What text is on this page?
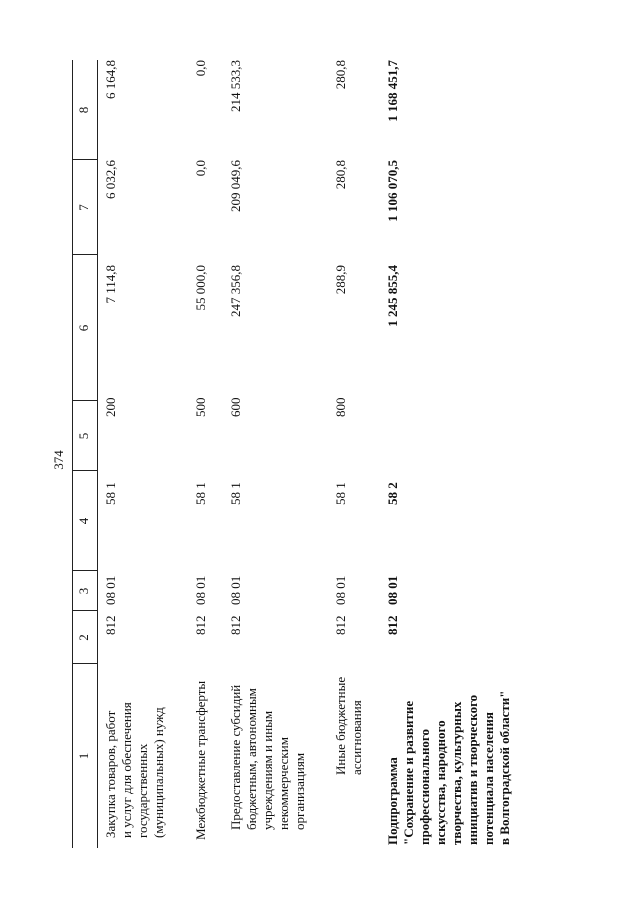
374
1
2
3
4
5
6
7
8
Закупка товаров, работ
и услуг для обеспечения
государственных
(муниципальных) нужд
812
08 01
58 1
200
7 114,8
6 032,6
6 164,8
Межбюджетные трансферты
812
08 01
58 1
500
55 000,0
0,0
0,0
Предоставление субсидий
бюджетным, автономным
учреждениям и иным
некоммерческим
организациям
812
08 01
58 1
600
247 356,8
209 049,6
214 533,3
Иные бюджетные
ассигнования
812
08 01
58 1
800
288,9
280,8
280,8
Подпрограмма
"Сохранение и развитие
профессионального
искусства, народного
творчества, культурных
инициатив и творческого
потенциала населения
в Волгоградской области"
812
08 01
58 2
1 245 855,4
1 106 070,5
1 168 451,7
